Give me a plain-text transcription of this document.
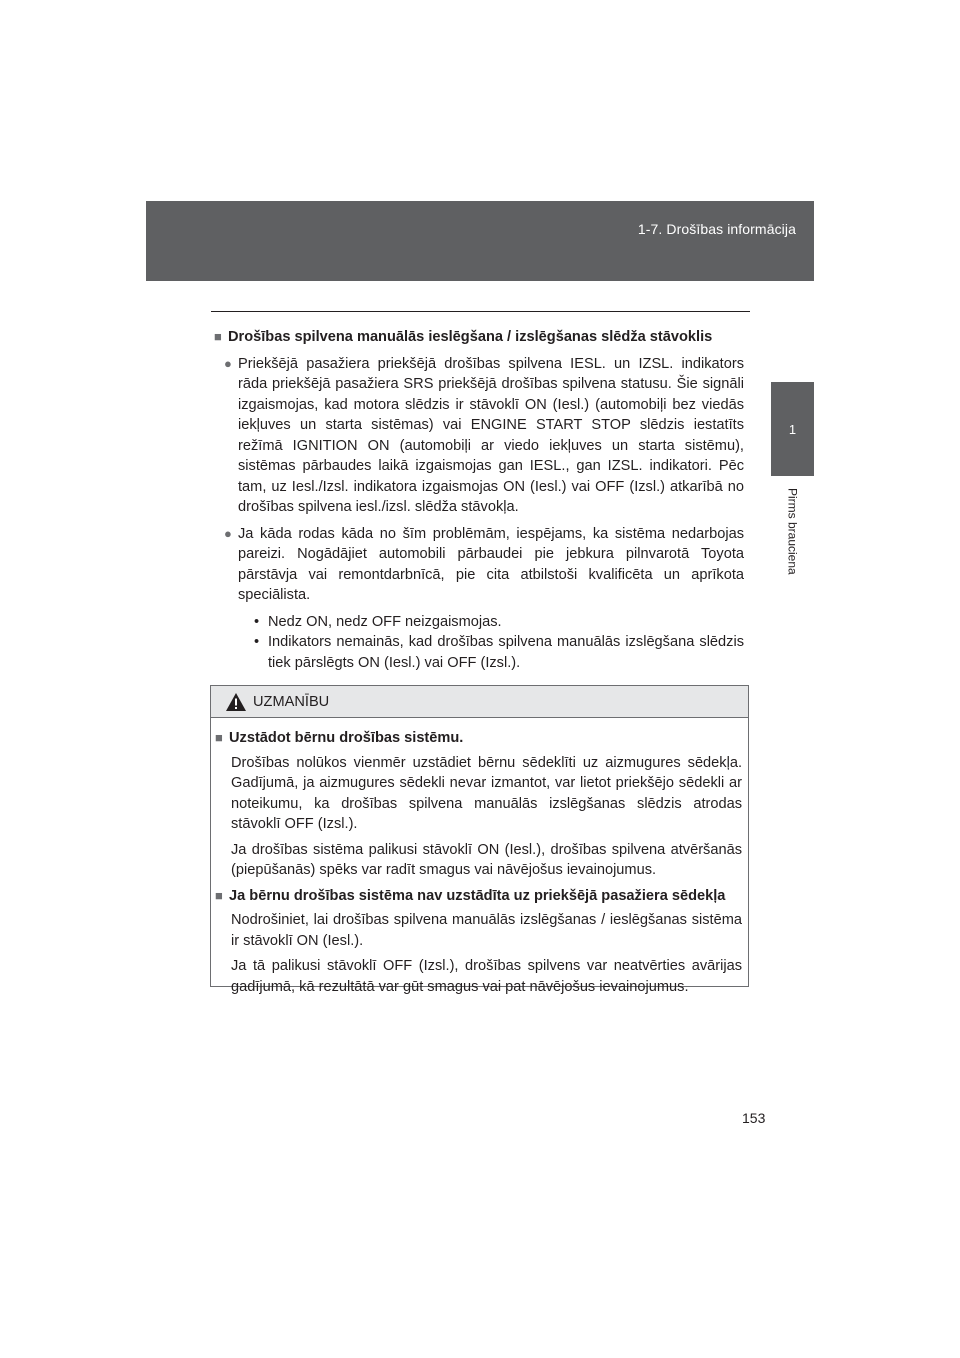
1-7. Drošības informācija
1
Pirms brauciena
■ Drošības spilvena manuālās ieslēgšana / izslēgšanas slēdža stāvoklis
● Priekšējā pasažiera priekšējā drošības spilvena IESL. un IZSL. indikators rāda priekšējā pasažiera SRS priekšējā drošības spilvena statusu. Šie signāli izgaismojas, kad motora slēdzis ir stāvoklī ON (Iesl.) (automobiļi bez viedās iekļuves un starta sistēmas) vai ENGINE START STOP slēdzis iestatīts režīmā IGNITION ON (automobiļi ar viedo iekļuves un starta sistēmu), sistēmas pārbaudes laikā izgaismojas gan IESL., gan IZSL. indikatori. Pēc tam, uz Iesl./Izsl. indikatora izgaismojas ON (Iesl.) vai OFF (Izsl.) atkarībā no drošības spilvena iesl./izsl. slēdža stāvokļa.
● Ja kāda rodas kāda no šīm problēmām, iespējams, ka sistēma nedarbojas pareizi. Nogādājiet automobili pārbaudei pie jebkura pilnvarotā Toyota pārstāvja vai remontdarbnīcā, pie cita atbilstoši kvalificēta un aprīkota speciālista.
• Nedz ON, nedz OFF neizgaismojas.
• Indikators nemainās, kad drošības spilvena manuālās izslēgšana slēdzis tiek pārslēgts ON (Iesl.) vai OFF (Izsl.).
UZMANĪBU
■ Uzstādot bērnu drošības sistēmu.
Drošības nolūkos vienmēr uzstādiet bērnu sēdeklīti uz aizmugures sēdekļa. Gadījumā, ja aizmugures sēdekli nevar izmantot, var lietot priekšējo sēdekli ar noteikumu, ka drošības spilvena manuālās izslēgšanas slēdzis atrodas stāvoklī OFF (Izsl.).
Ja drošības sistēma palikusi stāvoklī ON (Iesl.), drošības spilvena atvēršanās (piepūšanās) spēks var radīt smagus vai nāvējošus ievainojumus.
■ Ja bērnu drošības sistēma nav uzstādīta uz priekšējā pasažiera sēdekļa
Nodrošiniet, lai drošības spilvena manuālās izslēgšanas / ieslēgšanas sistēma ir stāvoklī ON (Iesl.).
Ja tā palikusi stāvoklī OFF (Izsl.), drošības spilvens var neatvērties avārijas gadījumā, kā rezultātā var gūt smagus vai pat nāvējošus ievainojumus.
153
